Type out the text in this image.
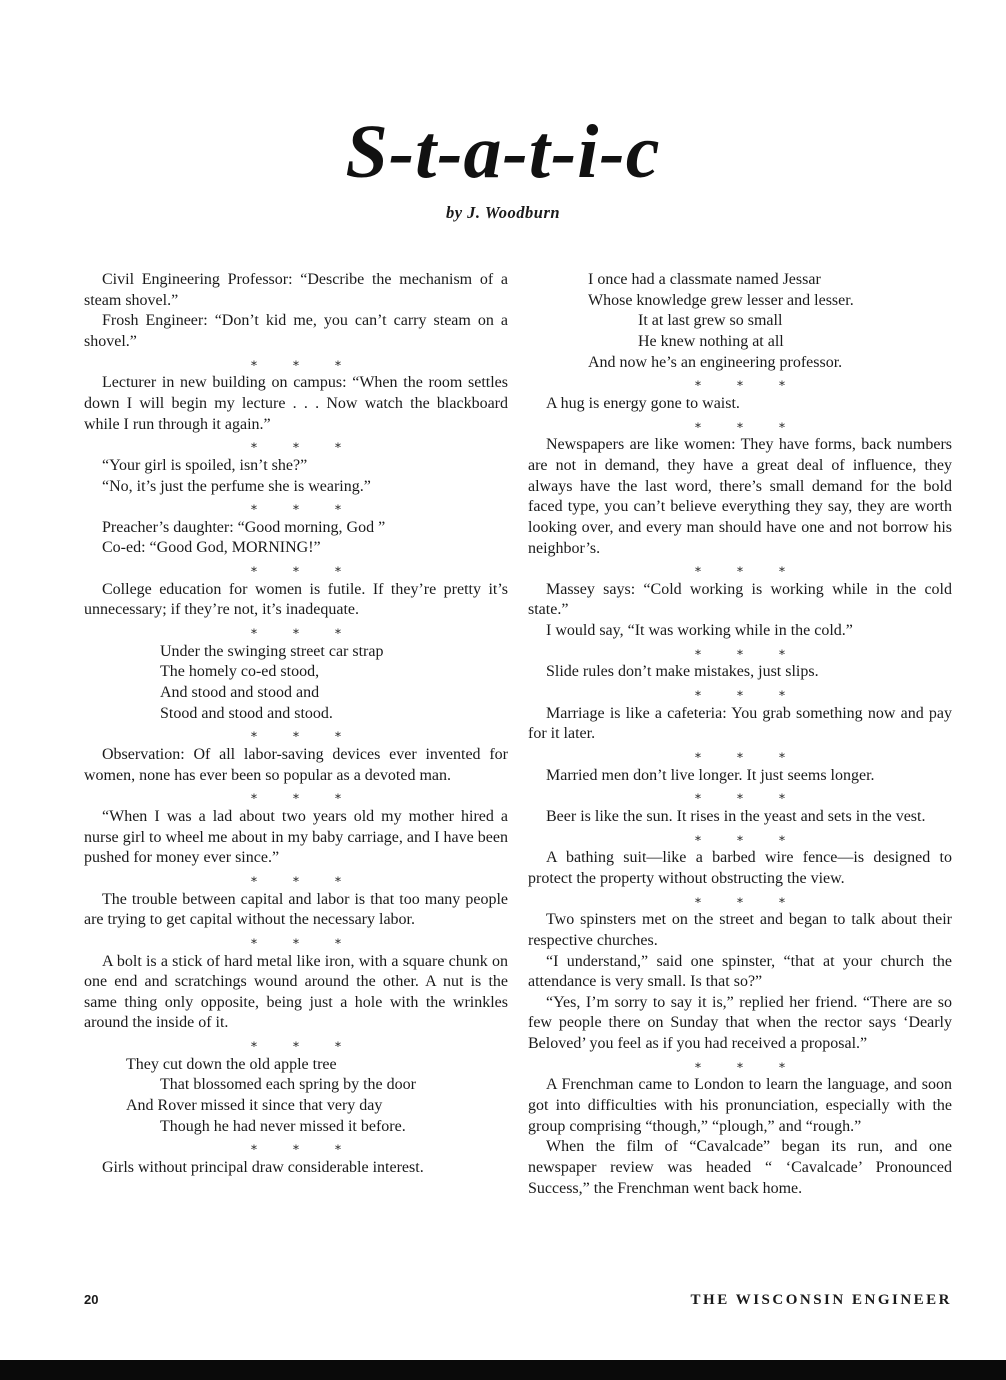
S-t-a-t-i-c
by J. Woodburn

Civil Engineering Professor: “Describe the mechanism of a steam shovel.”

Frosh Engineer: “Don’t kid me, you can’t carry steam on a shovel.”

∗	∗	∗

Lecturer in new building on campus: “When the room settles down I will begin my lecture . . . Now watch the blackboard while I run through it again.”

∗	∗	∗

“Your girl is spoiled, isn’t she?”

“No, it’s just the perfume she is wearing.”

∗	∗	∗

Preacher’s daughter: “Good morning, God ”

Co-ed: “Good God, MORNING!”

∗	∗	∗

College education for women is futile. If they’re pretty it’s unnecessary; if they’re not, it’s inadequate.

∗	∗	∗
Under the swinging street car strap
The homely co-ed stood,
And stood and stood and
Stood and stood and stood.
∗	∗	∗

Observation: Of all labor-saving devices ever invented for women, none has ever been so popular as a devoted man.

∗	∗	∗

“When I was a lad about two years old my mother hired a nurse girl to wheel me about in my baby carriage, and I have been pushed for money ever since.”

∗	∗	∗

The trouble between capital and labor is that too many people are trying to get capital without the necessary labor.

∗	∗	∗

A bolt is a stick of hard metal like iron, with a square chunk on one end and scratchings wound around the other. A nut is the same thing only opposite, being just a hole with the wrinkles around the inside of it.

∗	∗	∗
They cut down the old apple tree
That blossomed each spring by the door
And Rover missed it since that very day
Though he had never missed it before.
∗	∗	∗

Girls without principal draw considerable interest.

I once had a classmate named Jessar
Whose knowledge grew lesser and lesser.
It at last grew so small
He knew nothing at all
And now he’s an engineering professor.
∗	∗	∗

A hug is energy gone to waist.

∗	∗	∗

Newspapers are like women: They have forms, back numbers are not in demand, they have a great deal of influence, they always have the last word, there’s small demand for the bold faced type, you can’t believe everything they say, they are worth looking over, and every man should have one and not borrow his neighbor’s.

∗	∗	∗

Massey says: “Cold working is working while in the cold state.”

I would say, “It was working while in the cold.”

∗	∗	∗

Slide rules don’t make mistakes, just slips.

∗	∗	∗

Marriage is like a cafeteria: You grab something now and pay for it later.

∗	∗	∗

Married men don’t live longer. It just seems longer.

∗	∗	∗

Beer is like the sun. It rises in the yeast and sets in the vest.

∗	∗	∗

A bathing suit—like a barbed wire fence—is designed to protect the property without obstructing the view.

∗	∗	∗

Two spinsters met on the street and began to talk about their respective churches.

“I understand,” said one spinster, “that at your church the attendance is very small. Is that so?”

“Yes, I’m sorry to say it is,” replied her friend. “There are so few people there on Sunday that when the rector says ‘Dearly Beloved’ you feel as if you had received a proposal.”

∗	∗	∗

A Frenchman came to London to learn the language, and soon got into difficulties with his pronunciation, especially with the group comprising “though,” “plough,” and “rough.”

When the film of “Cavalcade” began its run, and one newspaper review was headed “ ‘Cavalcade’ Pronounced Success,” the Frenchman went back home.

20	THE WISCONSIN ENGINEER
